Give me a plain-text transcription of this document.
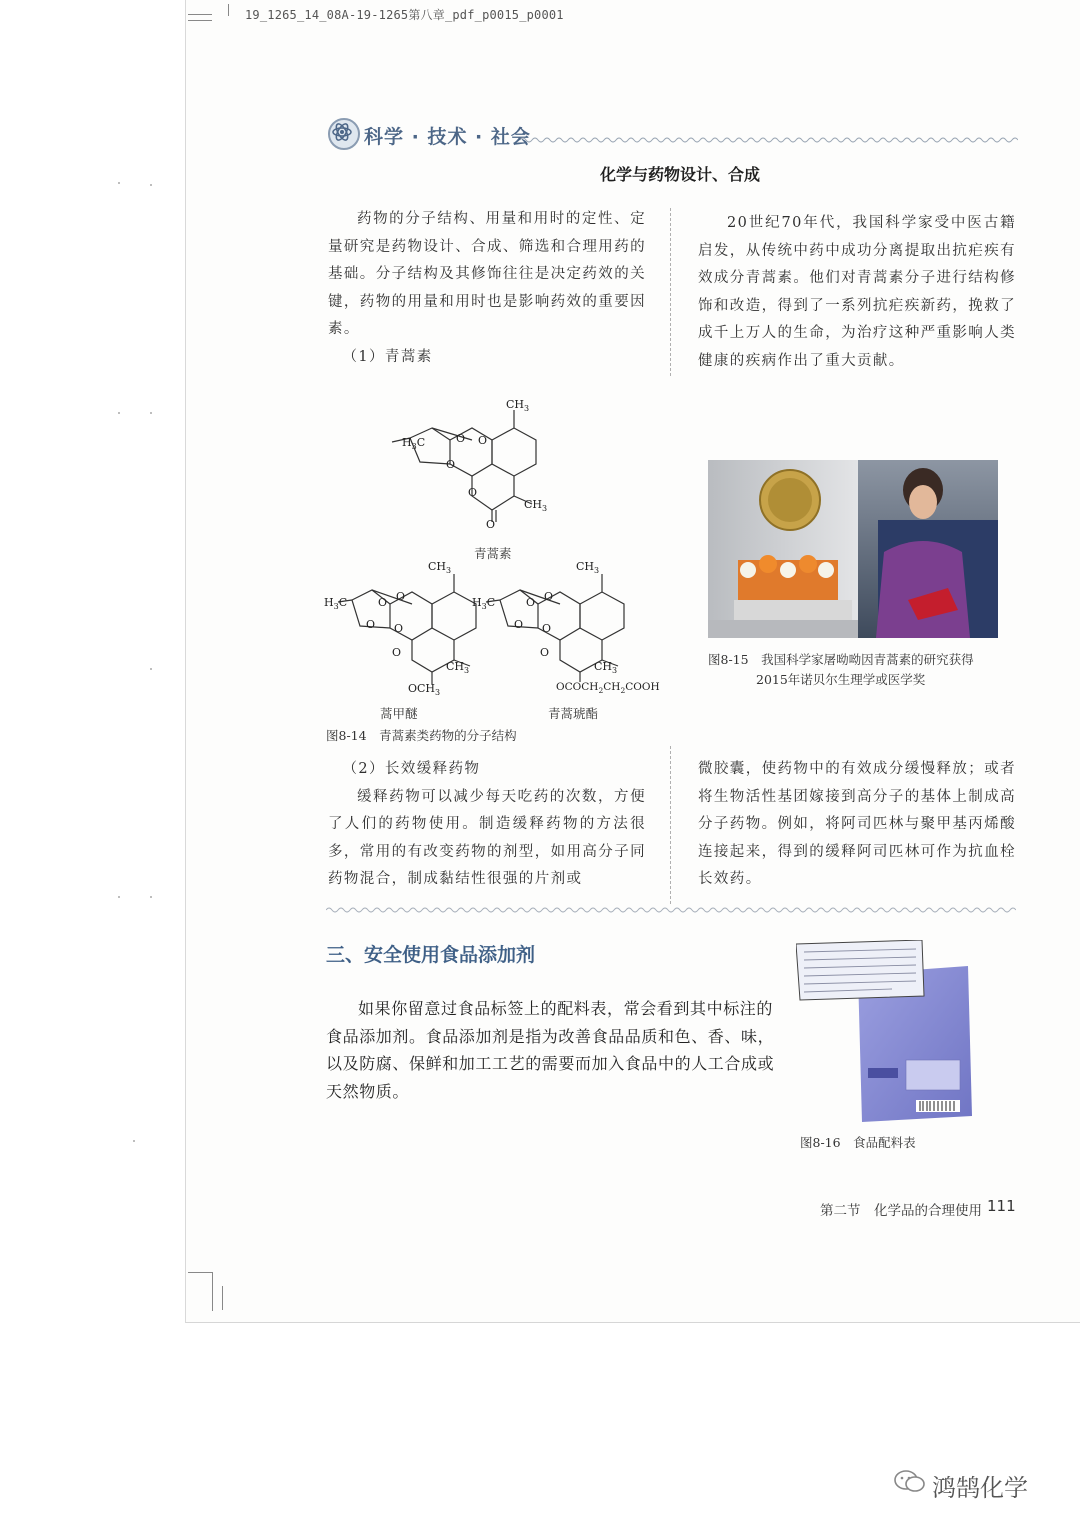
19_1265_14_08A-19-1265第八章_pdf_p0015_p0001
科学 · 技术 · 社会
化学与药物设计、合成

药物的分子结构、用量和用时的定性、定量研究是药物设计、合成、筛选和合理用药的基础。分子结构及其修饰往往是决定药效的关键，药物的用量和用时也是影响药效的重要因素。

（1）青蒿素

20世纪70年代，我国科学家受中医古籍启发，从传统中药中成功分离提取出抗疟疾有效成分青蒿素。他们对青蒿素分子进行结构修饰和改造，得到了一系列抗疟疾新药，挽救了成千上万人的生命，为治疗这种严重影响人类健康的疾病作出了重大贡献。

$CH_3$
$H_3C$	O O
O
O
O
$CH_3$
$CH_3$
$H_3C$	O O
O O
O
$CH_3$
$OCH_3$
$CH_3$
$H_3C$	O O
O O
O
$CH_3$
$OCOCH_2CH_2COOH$
青蒿素
蒿甲醚	青蒿琥酯
图8-14　青蒿素类药物的分子结构
图8-15　我国科学家屠呦呦因青蒿素的研究获得
2015年诺贝尔生理学或医学奖

（2）长效缓释药物

缓释药物可以减少每天吃药的次数，方便了人们的药物使用。制造缓释药物的方法很多，常用的有改变药物的剂型，如用高分子同药物混合，制成黏结性很强的片剂或

微胶囊，使药物中的有效成分缓慢释放；或者将生物活性基团嫁接到高分子的基体上制成高分子药物。例如，将阿司匹林与聚甲基丙烯酸连接起来，得到的缓释阿司匹林可作为抗血栓长效药。

三、安全使用食品添加剂

如果你留意过食品标签上的配料表，常会看到其中标注的食品添加剂。食品添加剂是指为改善食品品质和色、香、味，以及防腐、保鲜和加工工艺的需要而加入食品中的人工合成或天然物质。

图8-16　食品配料表
第二节　化学品的合理使用 111
鸿鹄化学
